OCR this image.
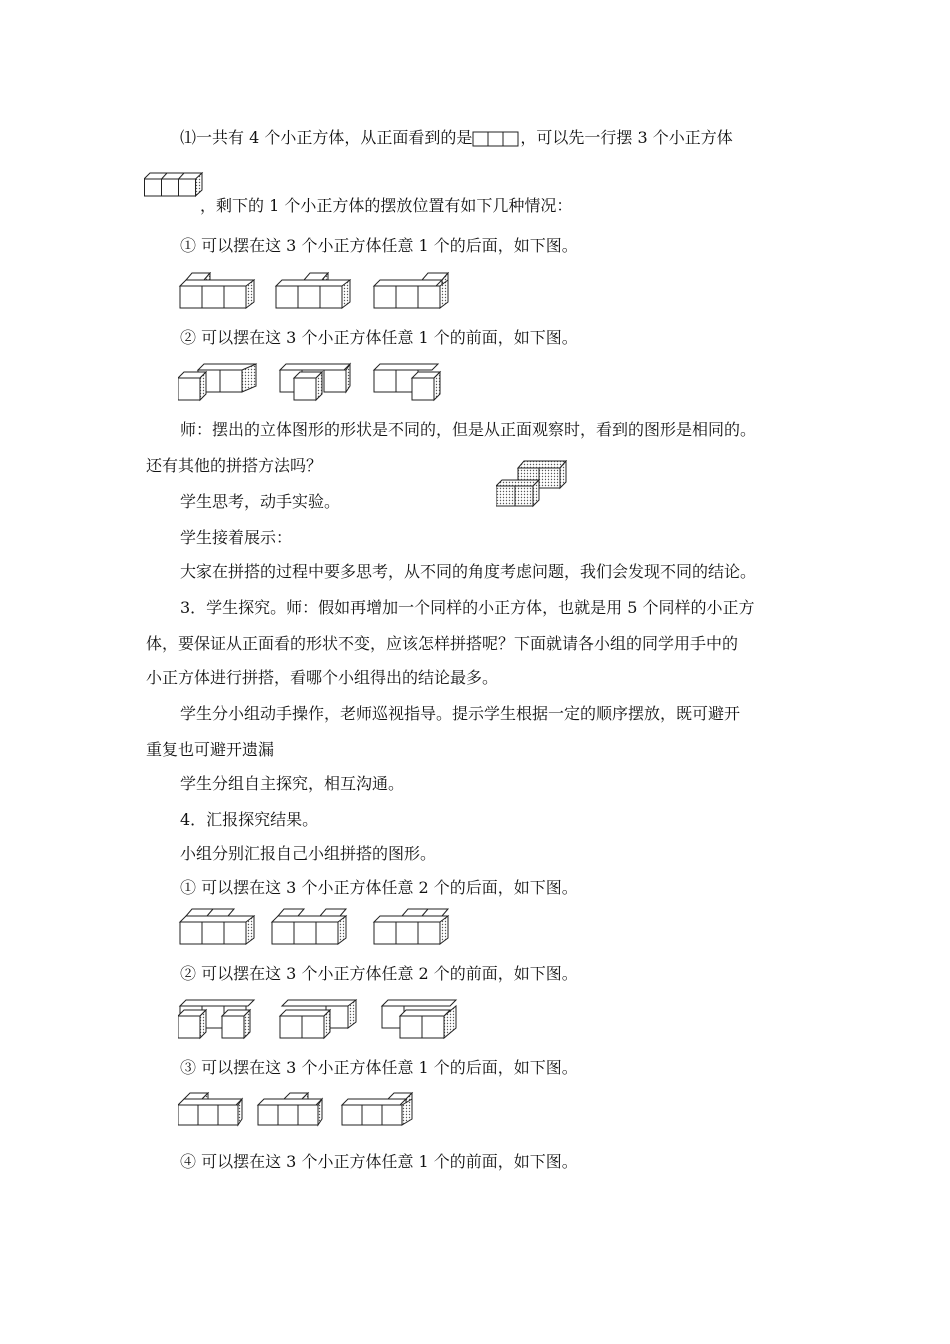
⑴一共有 4 个小正方体，从正面看到的是	，可以先一行摆 3 个小正方体
，剩下的 1 个小正方体的摆放位置有如下几种情况：
① 可以摆在这 3 个小正方体任意 1 个的后面，如下图。
② 可以摆在这 3 个小正方体任意 1 个的前面，如下图。
师：摆出的立体图形的形状是不同的，但是从正面观察时，看到的图形是相同的。
还有其他的拼搭方法吗？
学生思考，动手实验。
学生接着展示：
大家在拼搭的过程中要多思考，从不同的角度考虑问题，我们会发现不同的结论。
3．学生探究。师：假如再增加一个同样的小正方体，也就是用 5 个同样的小正方
体，要保证从正面看的形状不变，应该怎样拼搭呢？下面就请各小组的同学用手中的
小正方体进行拼搭，看哪个小组得出的结论最多。
学生分小组动手操作，老师巡视指导。提示学生根据一定的顺序摆放，既可避开
重复也可避开遗漏
学生分组自主探究，相互沟通。
4．汇报探究结果。
小组分别汇报自己小组拼搭的图形。
① 可以摆在这 3 个小正方体任意 2 个的后面，如下图。
② 可以摆在这 3 个小正方体任意 2 个的前面，如下图。
③ 可以摆在这 3 个小正方体任意 1 个的后面，如下图。
④ 可以摆在这 3 个小正方体任意 1 个的前面，如下图。
